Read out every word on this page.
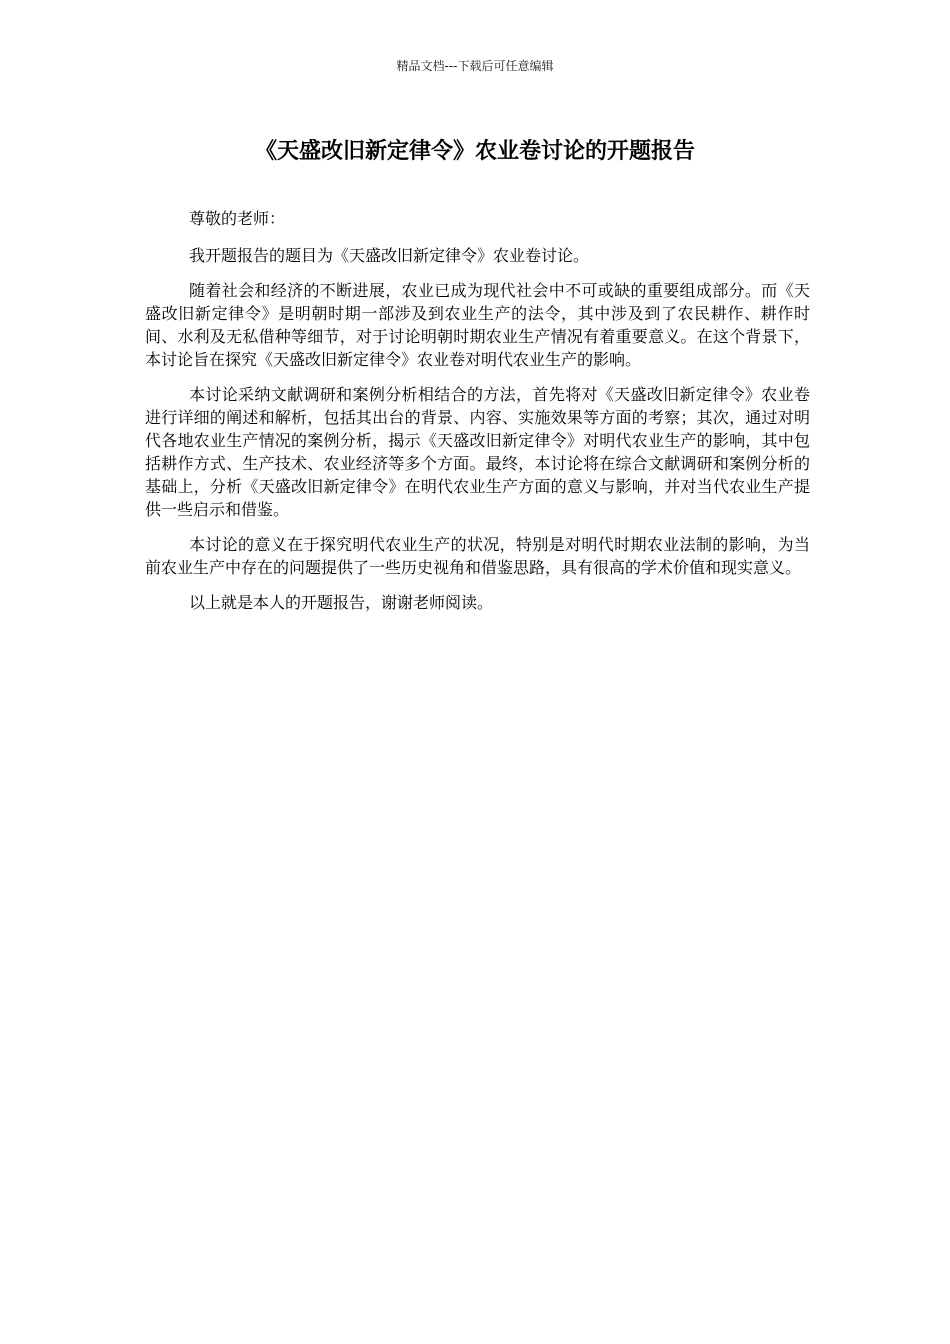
精品文档---下载后可任意编辑
《天盛改旧新定律令》农业卷讨论的开题报告

尊敬的老师：

我开题报告的题目为《天盛改旧新定律令》农业卷讨论。

随着社会和经济的不断进展，农业已成为现代社会中不可或缺的重要组成部分。而《天盛改旧新定律令》是明朝时期一部涉及到农业生产的法令，其中涉及到了农民耕作、耕作时间、水利及无私借种等细节，对于讨论明朝时期农业生产情况有着重要意义。在这个背景下，本讨论旨在探究《天盛改旧新定律令》农业卷对明代农业生产的影响。

本讨论采纳文献调研和案例分析相结合的方法，首先将对《天盛改旧新定律令》农业卷进行详细的阐述和解析，包括其出台的背景、内容、实施效果等方面的考察；其次，通过对明代各地农业生产情况的案例分析，揭示《天盛改旧新定律令》对明代农业生产的影响，其中包括耕作方式、生产技术、农业经济等多个方面。最终，本讨论将在综合文献调研和案例分析的基础上，分析《天盛改旧新定律令》在明代农业生产方面的意义与影响，并对当代农业生产提供一些启示和借鉴。

本讨论的意义在于探究明代农业生产的状况，特别是对明代时期农业法制的影响，为当前农业生产中存在的问题提供了一些历史视角和借鉴思路，具有很高的学术价值和现实意义。

以上就是本人的开题报告，谢谢老师阅读。
